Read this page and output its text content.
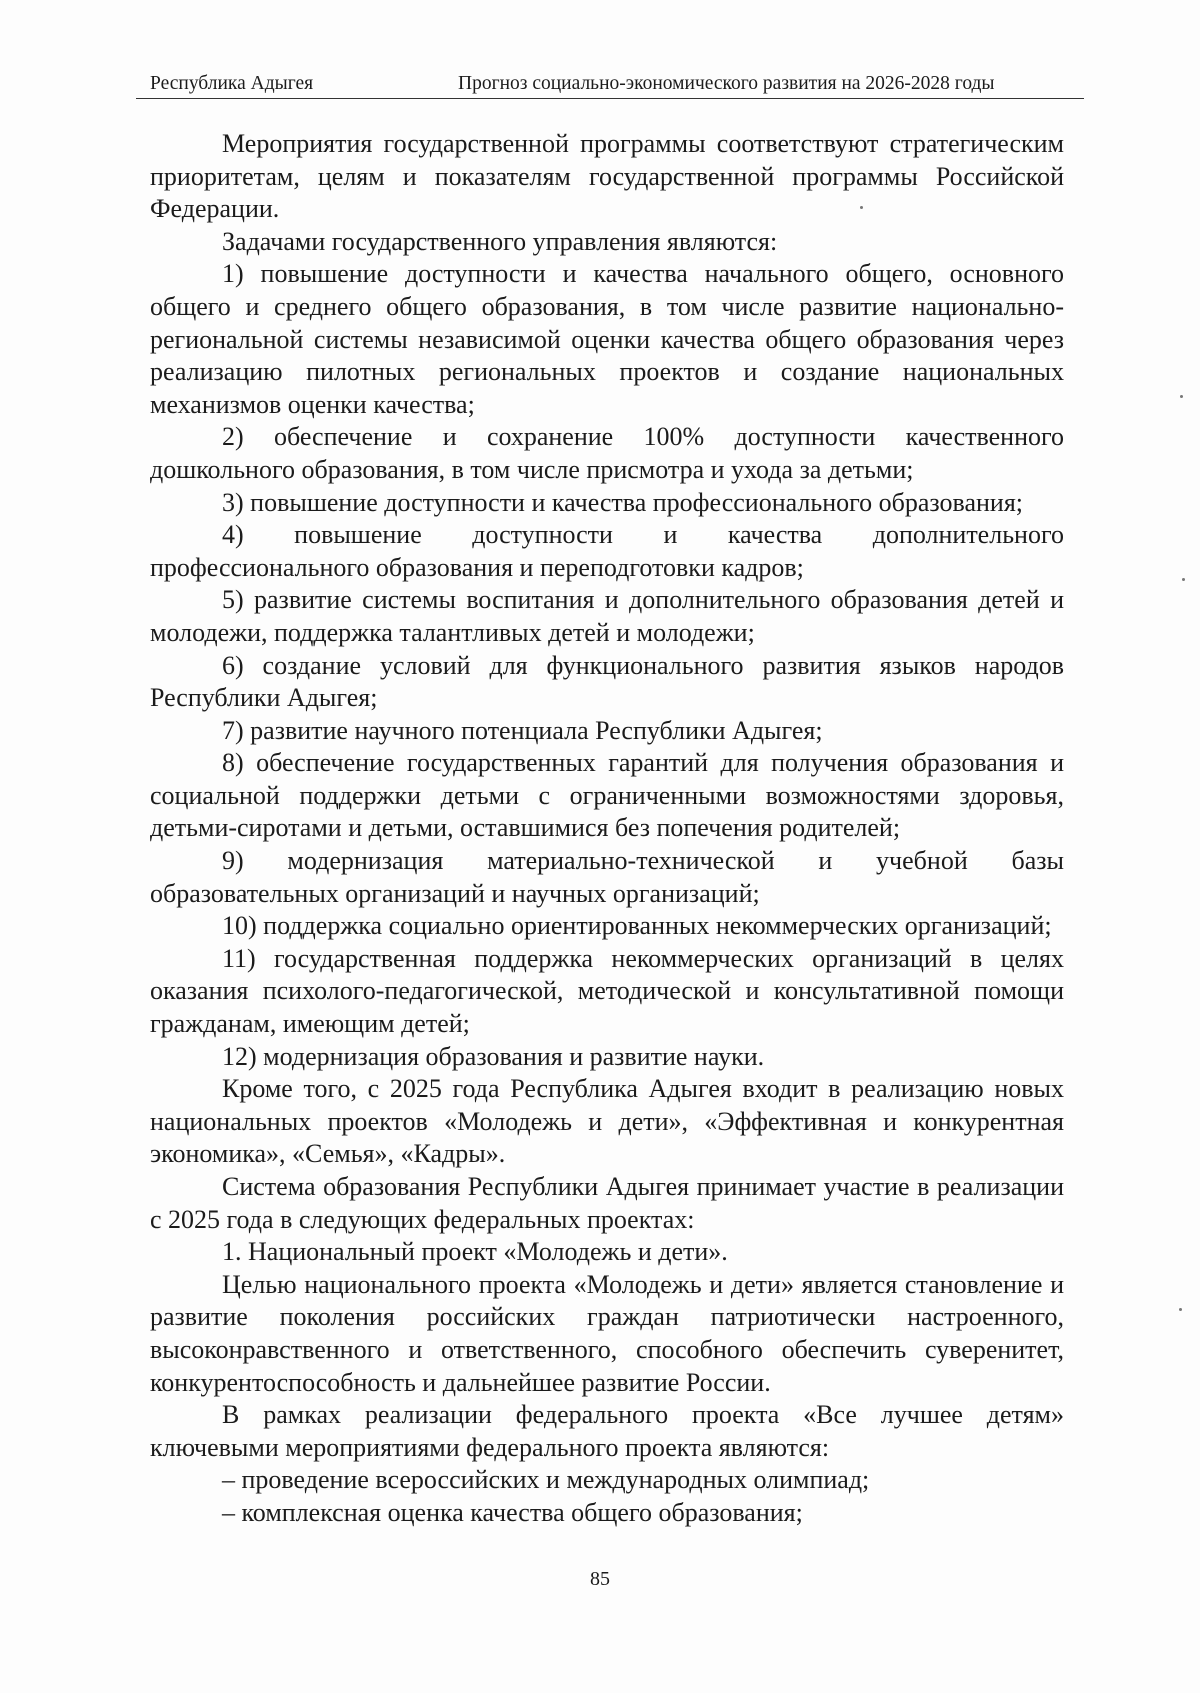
Республика Адыгея	Прогноз социально-экономического развития на 2026-2028 годы

Мероприятия государственной программы соответствуют стратегическим приоритетам, целям и показателям государственной программы Российской Федерации.

Задачами государственного управления являются:

1) повышение доступности и качества начального общего, основного общего и среднего общего образования, в том числе развитие национально-региональной системы независимой оценки качества общего образования через реализацию пилотных региональных проектов и создание национальных механизмов оценки качества;

2) обеспечение и сохранение 100% доступности качественного дошкольного образования, в том числе присмотра и ухода за детьми;

3) повышение доступности и качества профессионального образования;

4) повышение доступности и качества дополнительного профессионального образования и переподготовки кадров;

5) развитие системы воспитания и дополнительного образования детей и молодежи, поддержка талантливых детей и молодежи;

6) создание условий для функционального развития языков народов Республики Адыгея;

7) развитие научного потенциала Республики Адыгея;

8) обеспечение государственных гарантий для получения образования и социальной поддержки детьми с ограниченными возможностями здоровья, детьми-сиротами и детьми, оставшимися без попечения родителей;

9) модернизация материально-технической и учебной базы образовательных организаций и научных организаций;

10) поддержка социально ориентированных некоммерческих организаций;

11) государственная поддержка некоммерческих организаций в целях оказания психолого-педагогической, методической и консультативной помощи гражданам, имеющим детей;

12) модернизация образования и развитие науки.

Кроме того, с 2025 года Республика Адыгея входит в реализацию новых национальных проектов «Молодежь и дети», «Эффективная и конкурентная экономика», «Семья», «Кадры».

Система образования Республики Адыгея принимает участие в реализации с 2025 года в следующих федеральных проектах:

1. Национальный проект «Молодежь и дети».

Целью национального проекта «Молодежь и дети» является становление и развитие поколения российских граждан патриотически настроенного, высоконравственного и ответственного, способного обеспечить суверенитет, конкурентоспособность и дальнейшее развитие России.

В рамках реализации федерального проекта «Все лучшее детям» ключевыми мероприятиями федерального проекта являются:

– проведение всероссийских и международных олимпиад;

– комплексная оценка качества общего образования;

85
